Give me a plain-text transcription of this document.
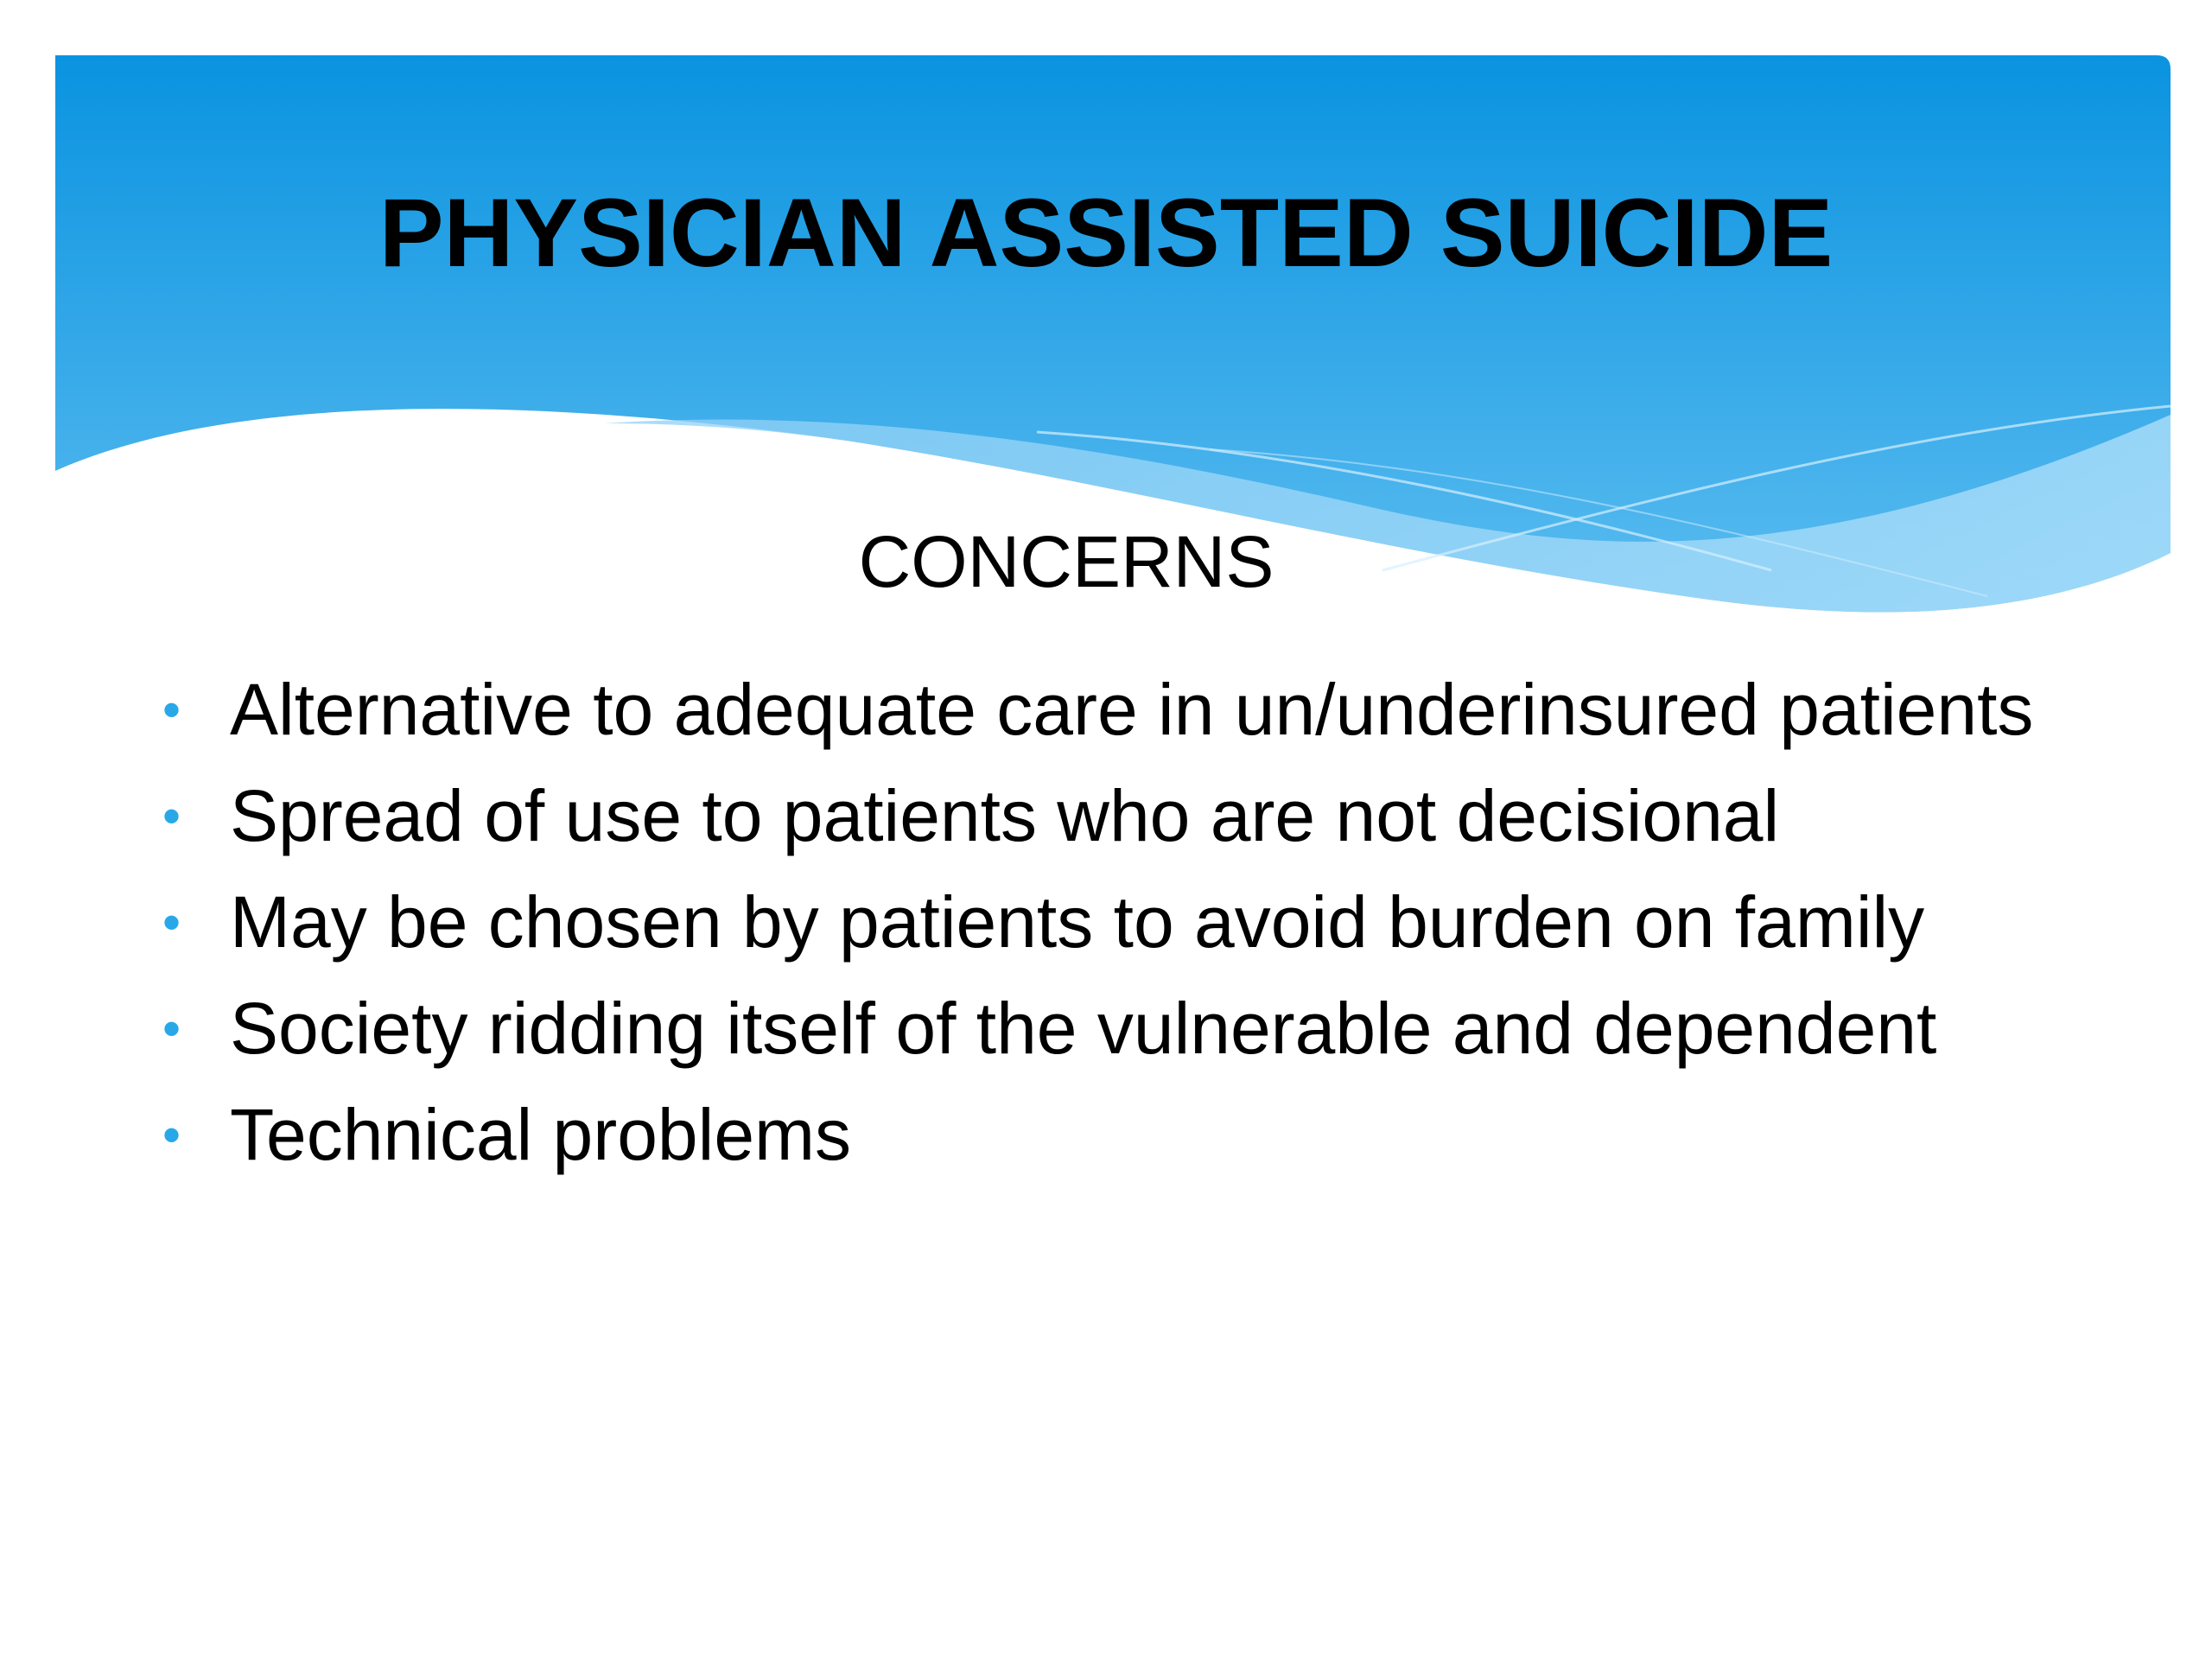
PHYSICIAN ASSISTED SUICIDE
CONCERNS
• Alternative to adequate care in un/underinsured patients
• Spread of use to patients who are not decisional
• May be chosen by patients to avoid burden on family
• Society ridding itself of the vulnerable and dependent
• Technical problems
